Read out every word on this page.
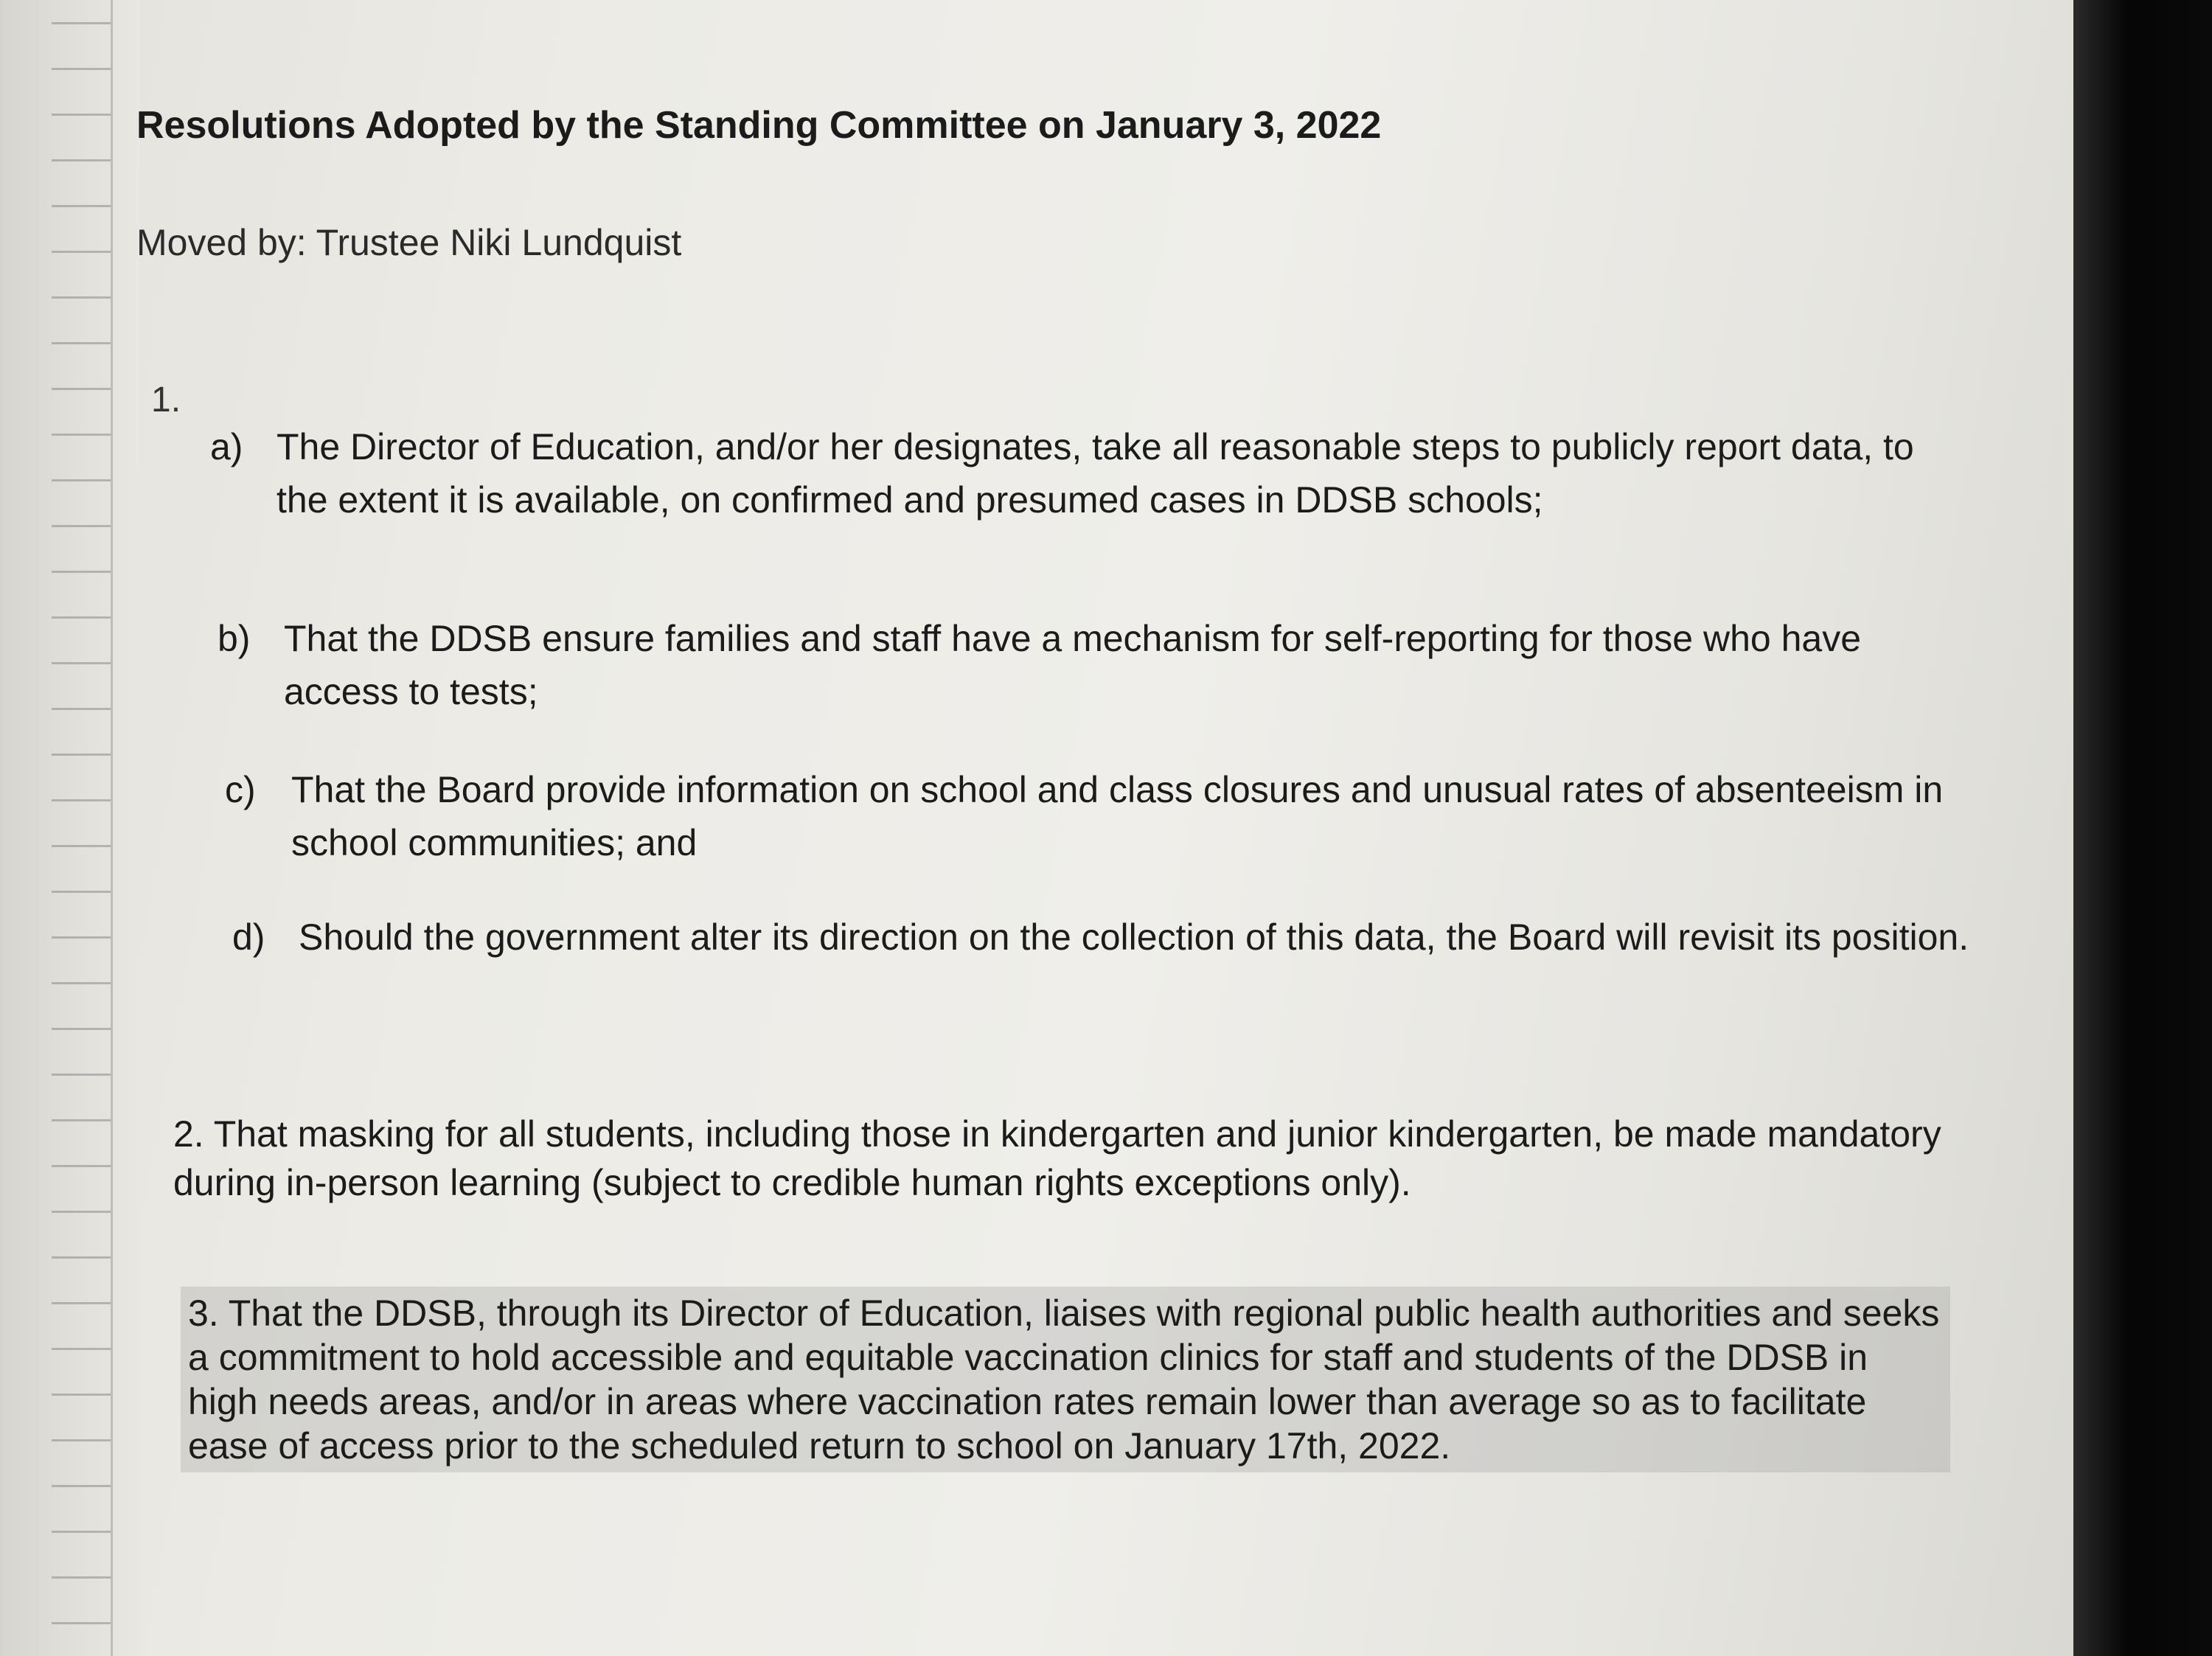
Resolutions Adopted by the Standing Committee on January 3, 2022
Moved by: Trustee Niki Lundquist
1.
a) The Director of Education, and/or her designates, take all reasonable steps to publicly report data, to the extent it is available, on confirmed and presumed cases in DDSB schools;
b) That the DDSB ensure families and staff have a mechanism for self-reporting for those who have access to tests;
c) That the Board provide information on school and class closures and unusual rates of absenteeism in school communities; and
d) Should the government alter its direction on the collection of this data, the Board will revisit its position.
2. That masking for all students, including those in kindergarten and junior kindergarten, be made mandatory during in-person learning (subject to credible human rights exceptions only).
3. That the DDSB, through its Director of Education, liaises with regional public health authorities and seeks a commitment to hold accessible and equitable vaccination clinics for staff and students of the DDSB in high needs areas, and/or in areas where vaccination rates remain lower than average so as to facilitate ease of access prior to the scheduled return to school on January 17th, 2022.
